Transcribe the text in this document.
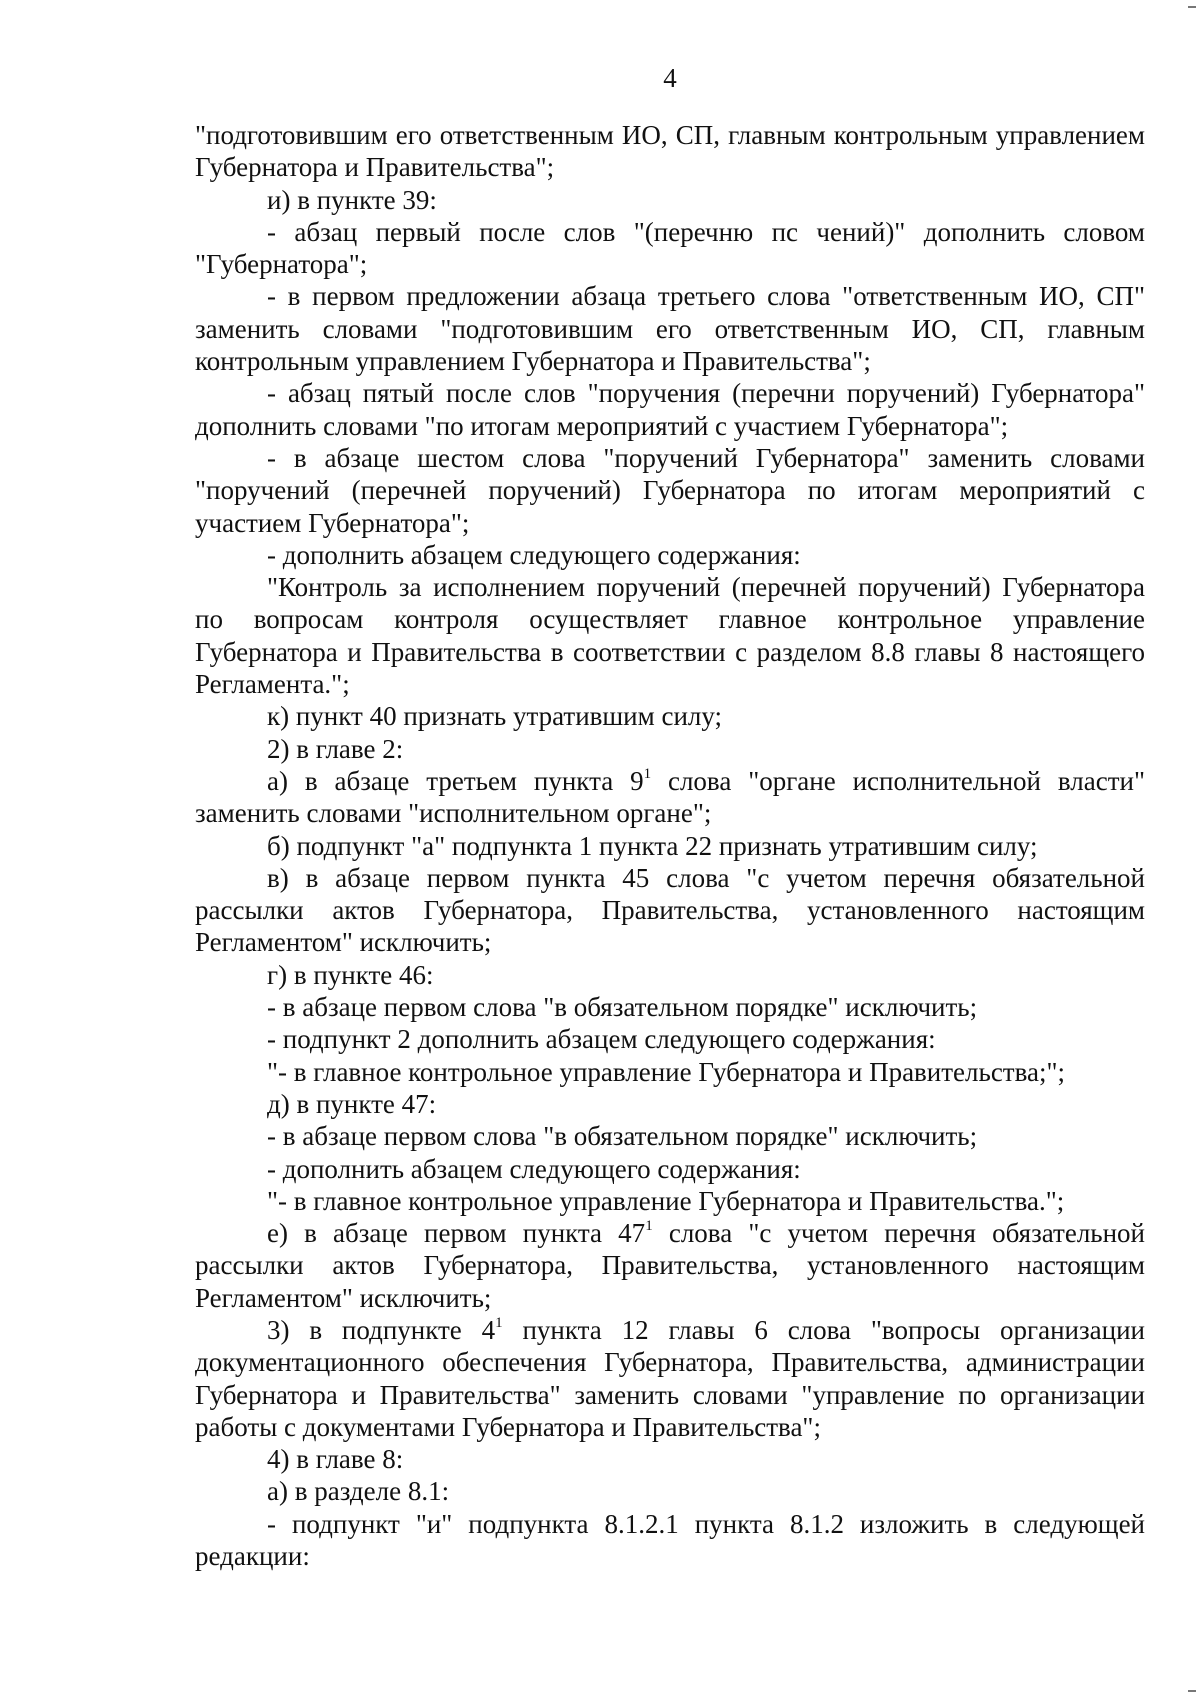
4

"подготовившим его ответственным ИО, СП, главным контрольным управлением Губернатора и Правительства";

и) в пункте 39:

- абзац первый после слов "(перечню пс чений)" дополнить словом "Губернатора";

- в первом предложении абзаца третьего слова "ответственным ИО, СП" заменить словами "подготовившим его ответственным ИО, СП, главным контрольным управлением Губернатора и Правительства";

- абзац пятый после слов "поручения (перечни поручений) Губернатора" дополнить словами "по итогам мероприятий с участием Губернатора";

- в абзаце шестом слова "поручений Губернатора" заменить словами "поручений (перечней поручений) Губернатора по итогам мероприятий с участием Губернатора";

- дополнить абзацем следующего содержания:

"Контроль за исполнением поручений (перечней поручений) Губернатора по вопросам контроля осуществляет главное контрольное управление Губернатора и Правительства в соответствии с разделом 8.8 главы 8 настоящего Регламента.";

к) пункт 40 признать утратившим силу;

2) в главе 2:

а) в абзаце третьем пункта $9^1$ слова "органе исполнительной власти" заменить словами "исполнительном органе";

б) подпункт "а" подпункта 1 пункта 22 признать утратившим силу;

в) в абзаце первом пункта 45 слова "с учетом перечня обязательной рассылки актов Губернатора, Правительства, установленного настоящим Регламентом" исключить;

г) в пункте 46:

- в абзаце первом слова "в обязательном порядке" исключить;

- подпункт 2 дополнить абзацем следующего содержания:

"- в главное контрольное управление Губернатора и Правительства;";

д) в пункте 47:

- в абзаце первом слова "в обязательном порядке" исключить;

- дополнить абзацем следующего содержания:

"- в главное контрольное управление Губернатора и Правительства.";

е) в абзаце первом пункта $47^1$ слова "с учетом перечня обязательной рассылки актов Губернатора, Правительства, установленного настоящим Регламентом" исключить;

3) в подпункте $4^1$ пункта 12 главы 6 слова "вопросы организации документационного обеспечения Губернатора, Правительства, администрации Губернатора и Правительства" заменить словами "управление по организации работы с документами Губернатора и Правительства";

4) в главе 8:

а) в разделе 8.1:

- подпункт "и" подпункта 8.1.2.1 пункта 8.1.2 изложить в следующей редакции:
